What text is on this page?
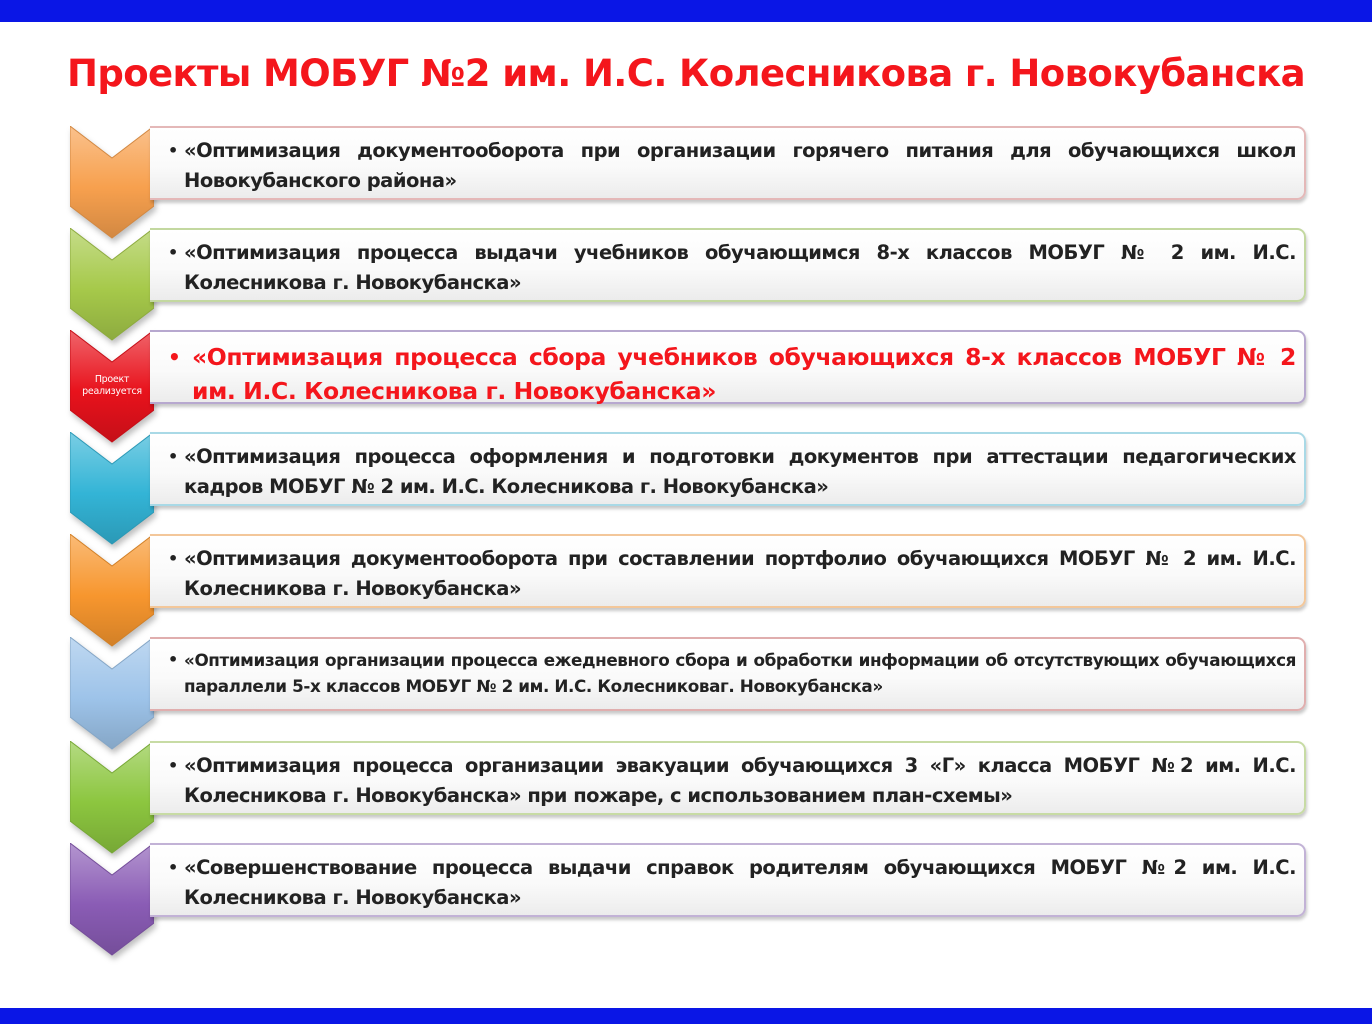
Проекты МОБУГ №2 им. И.С. Колесникова г. Новокубанска
• «Оптимизация документооборота при организации горячего питания для обучающихся школ Новокубанского района»
• «Оптимизация процесса выдачи учебников обучающимся 8-х классов МОБУГ № 2 им. И.С. Колесникова г. Новокубанска»
Проект реализуется
• «Оптимизация процесса сбора учебников обучающихся 8-х классов МОБУГ № 2 им. И.С. Колесникова г. Новокубанска»
• «Оптимизация процесса оформления и подготовки документов при аттестации педагогических кадров МОБУГ № 2 им. И.С. Колесникова г. Новокубанска»
• «Оптимизация документооборота при составлении портфолио обучающихся МОБУГ № 2 им. И.С. Колесникова г. Новокубанска»
• «Оптимизация организации процесса ежедневного сбора и обработки информации об отсутствующих обучающихся параллели 5-х классов МОБУГ № 2 им. И.С. Колесниковаг. Новокубанска»
• «Оптимизация процесса организации эвакуации обучающихся 3 «Г» класса МОБУГ №2 им. И.С. Колесникова г. Новокубанска» при пожаре, с использованием план-схемы»
• «Совершенствование процесса выдачи справок родителям обучающихся МОБУГ №2 им. И.С. Колесникова г. Новокубанска»
